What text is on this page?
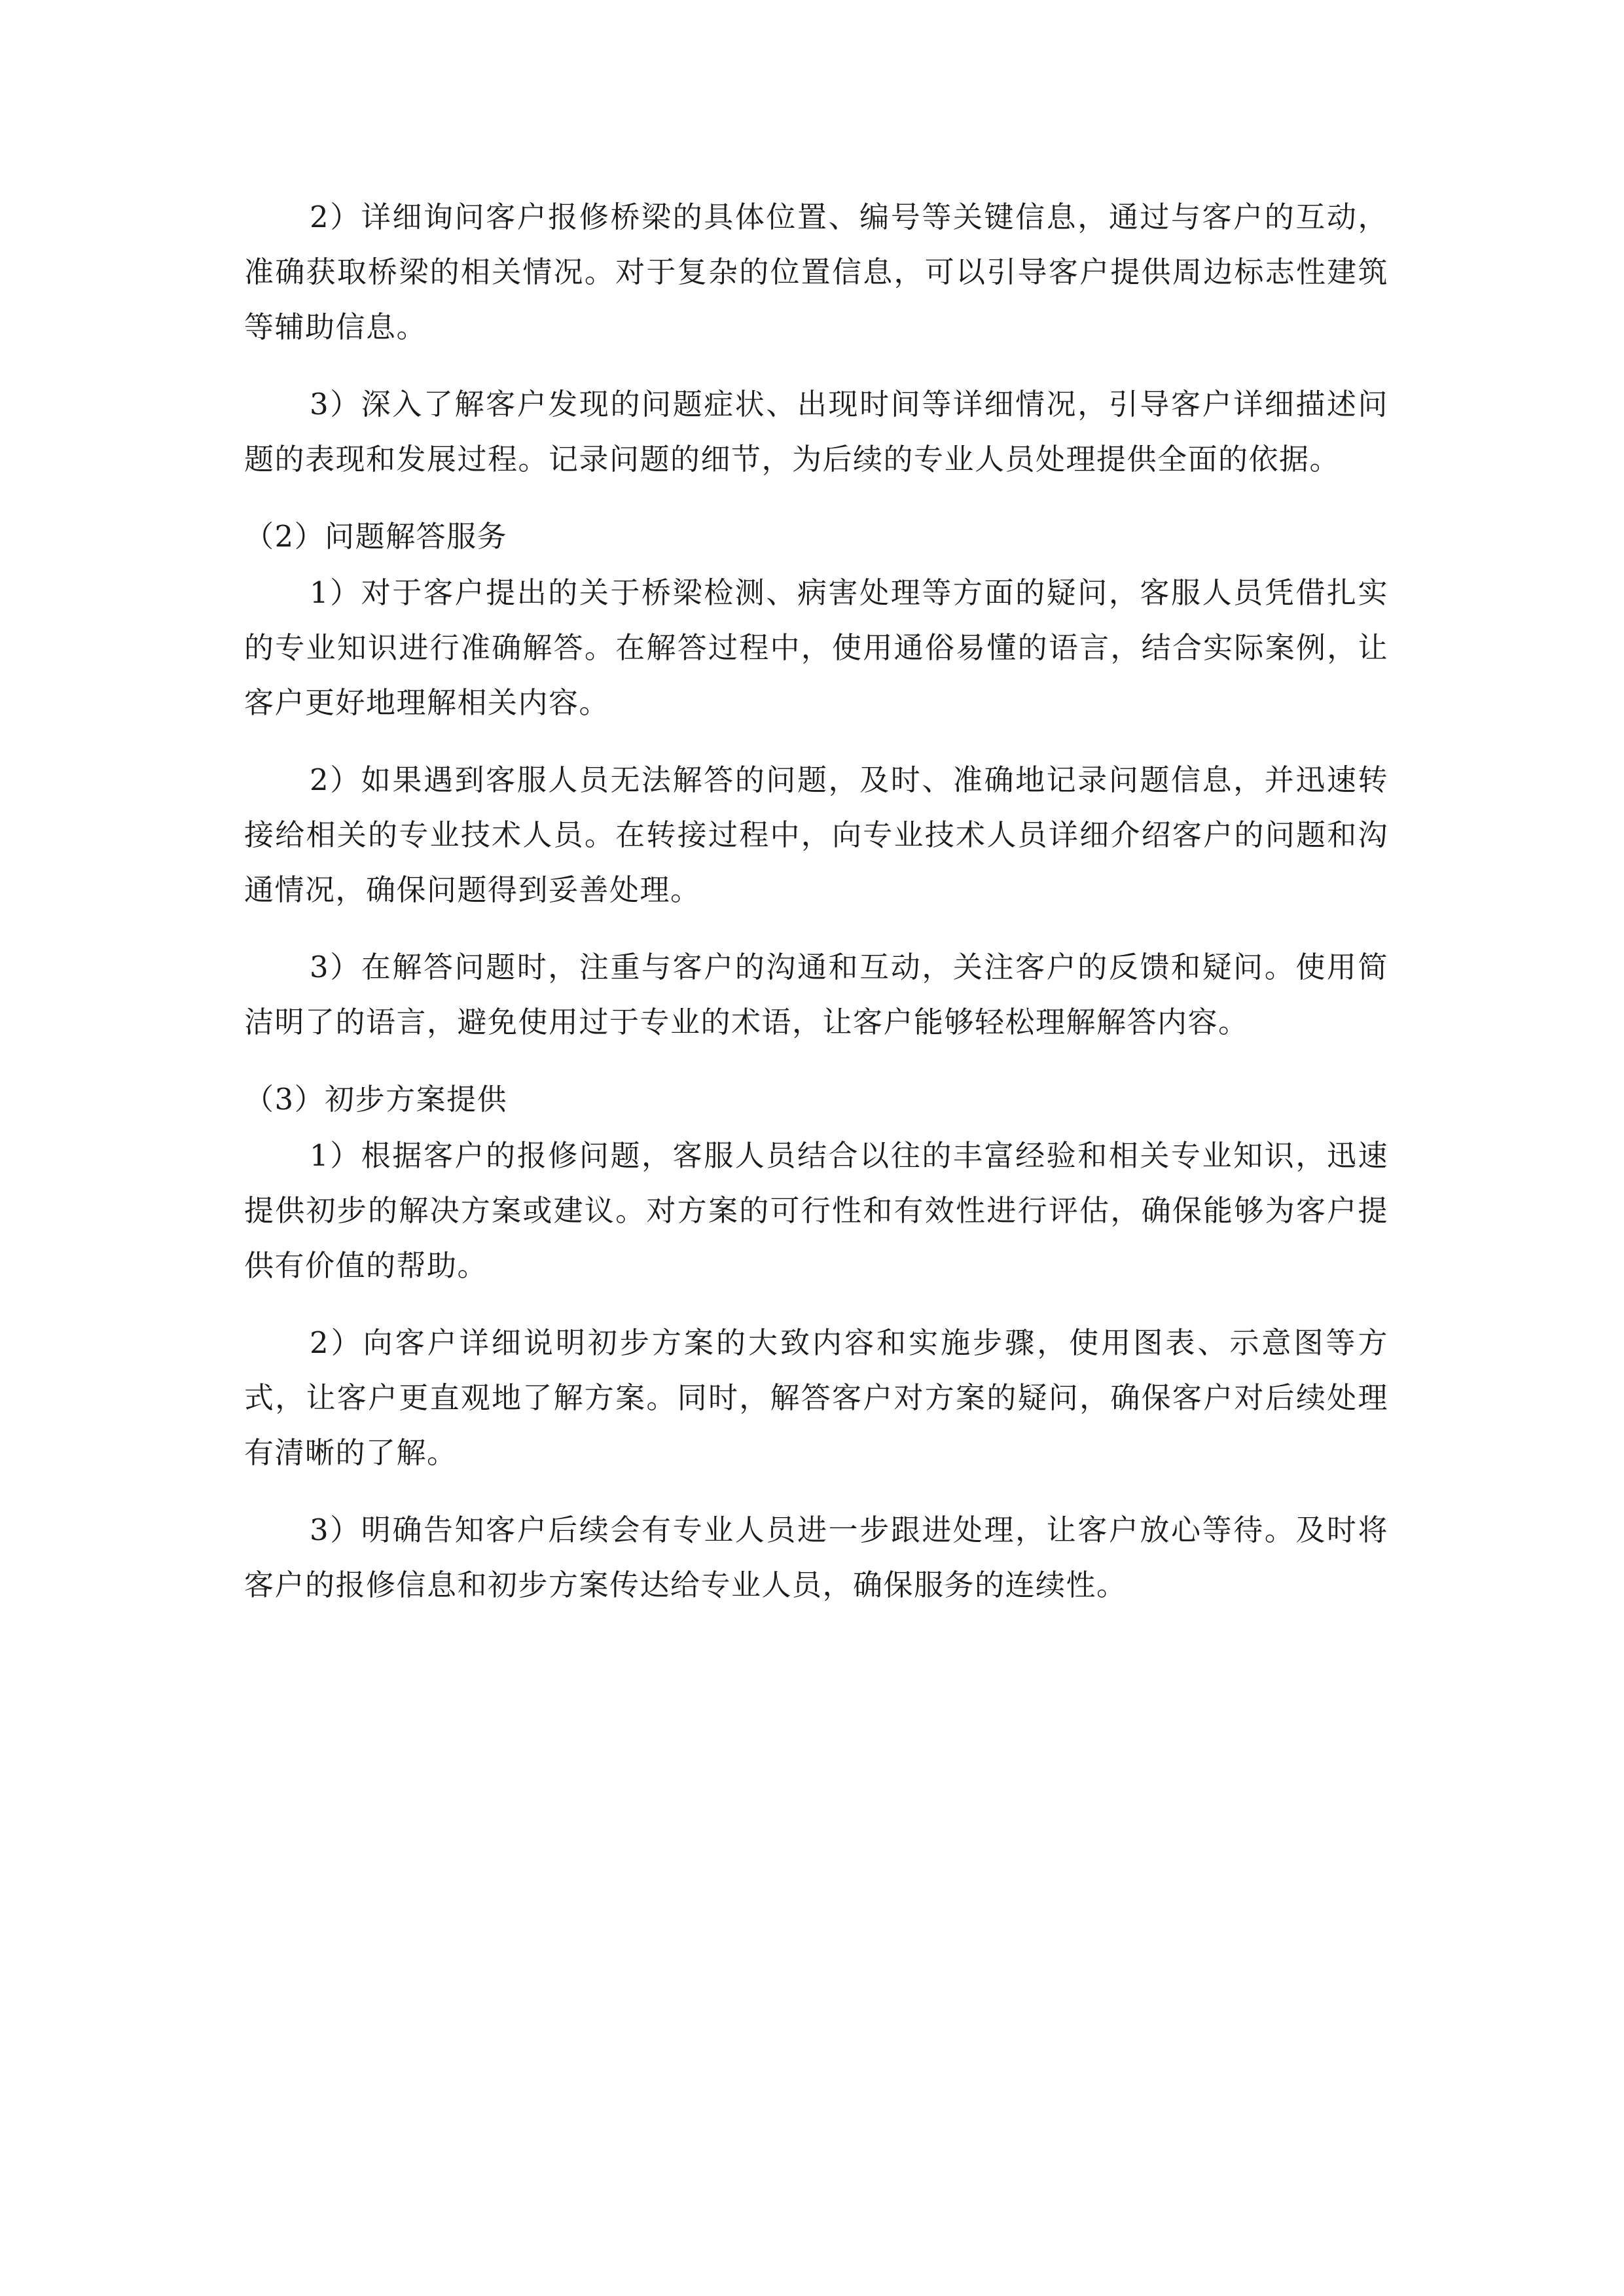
2）详细询问客户报修桥梁的具体位置、编号等关键信息，通过与客户的互动，准确获取桥梁的相关情况。对于复杂的位置信息，可以引导客户提供周边标志性建筑等辅助信息。

3）深入了解客户发现的问题症状、出现时间等详细情况，引导客户详细描述问题的表现和发展过程。记录问题的细节，为后续的专业人员处理提供全面的依据。

（2）问题解答服务

1）对于客户提出的关于桥梁检测、病害处理等方面的疑问，客服人员凭借扎实的专业知识进行准确解答。在解答过程中，使用通俗易懂的语言，结合实际案例，让客户更好地理解相关内容。

2）如果遇到客服人员无法解答的问题，及时、准确地记录问题信息，并迅速转接给相关的专业技术人员。在转接过程中，向专业技术人员详细介绍客户的问题和沟通情况，确保问题得到妥善处理。

3）在解答问题时，注重与客户的沟通和互动，关注客户的反馈和疑问。使用简洁明了的语言，避免使用过于专业的术语，让客户能够轻松理解解答内容。

（3）初步方案提供

1）根据客户的报修问题，客服人员结合以往的丰富经验和相关专业知识，迅速提供初步的解决方案或建议。对方案的可行性和有效性进行评估，确保能够为客户提供有价值的帮助。

2）向客户详细说明初步方案的大致内容和实施步骤，使用图表、示意图等方式，让客户更直观地了解方案。同时，解答客户对方案的疑问，确保客户对后续处理有清晰的了解。

3）明确告知客户后续会有专业人员进一步跟进处理，让客户放心等待。及时将客户的报修信息和初步方案传达给专业人员，确保服务的连续性。
